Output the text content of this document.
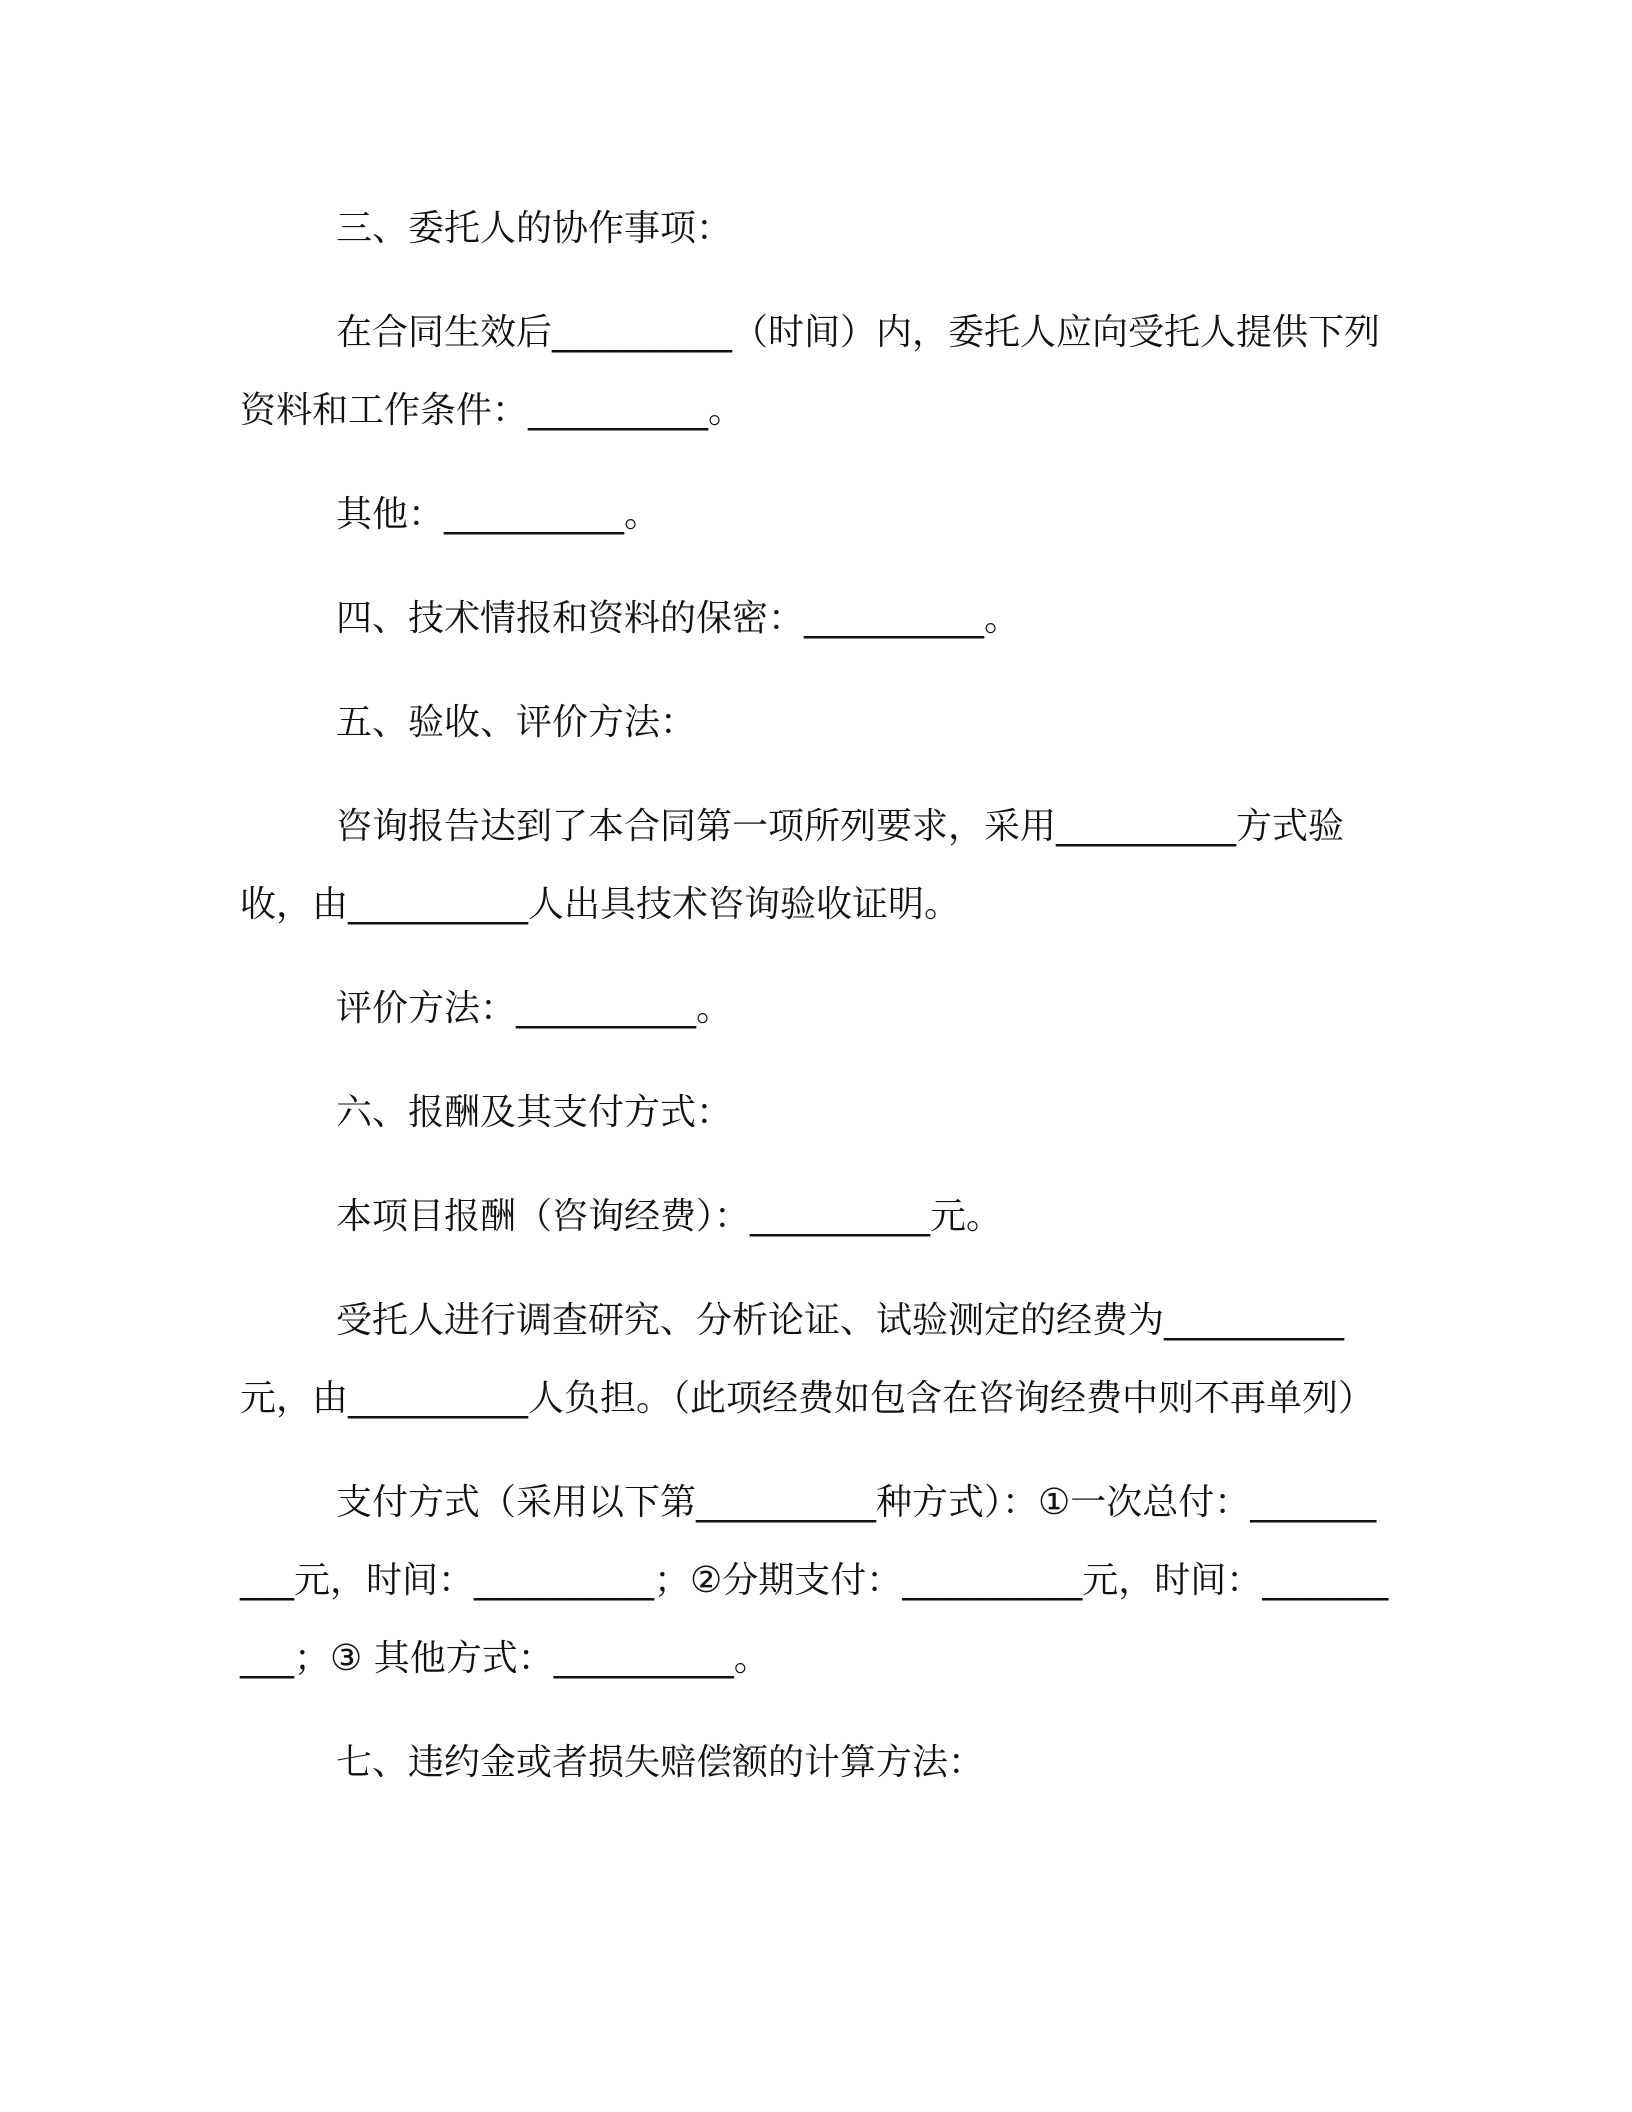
三、委托人的协作事项：

在合同生效后__________（时间）内，委托人应向受托人提供下列资料和工作条件：__________。

其他：__________。

四、技术情报和资料的保密：__________。

五、验收、评价方法：

咨询报告达到了本合同第一项所列要求，采用__________方式验收，由__________人出具技术咨询验收证明。

评价方法：__________。

六、报酬及其支付方式：

本项目报酬（咨询经费）：__________元。

受托人进行调查研究、分析论证、试验测定的经费为__________元，由__________人负担。（此项经费如包含在咨询经费中则不再单列）

支付方式（采用以下第__________种方式）：①一次总付：__________元，时间：__________；②分期支付：__________元，时间：__________；③ 其他方式：__________。

七、违约金或者损失赔偿额的计算方法：
